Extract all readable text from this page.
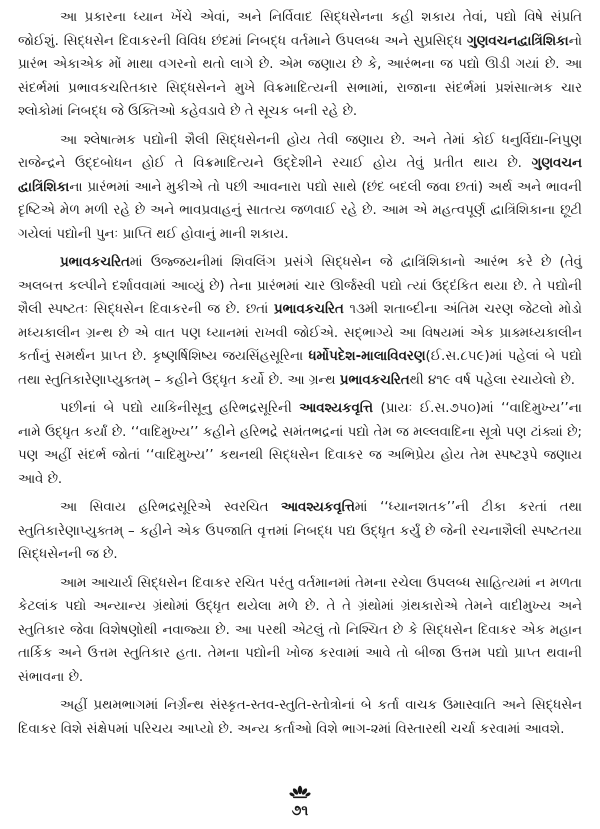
આ પ્રકારના ધ્યાન ખેંચે એવાં, અને નિર્વિવાદ સિદ્ધસેનના કહી શકાય તેવાં, પદ્યો વિષે સંપ્રતિ જોઈશું. સિદ્ધસેન દિવાકરની વિવિધ છંદમાં નિબદ્ધ વર્તમાને ઉપલબ્ધ અને સુપ્રસિદ્ધ ગુણવચનદ્વાત્રિંશિકાનો પ્રારંભ એકાએક મોં માથા વગરનો થતો લાગે છે. એમ જણાય છે કે, આરંભના જ પદ્યો ઊડી ગયાં છે. આ સંદર્ભમાં પ્રભાવકચરિતકાર સિદ્ધસેનને મુખે વિક્રમાદિત્યની સભામાં, રાજાના સંદર્ભમાં પ્રશંસાત્મક ચાર શ્લોકોમાં નિબદ્ધ જે ઉક્તિઓ કહેવડાવે છે તે સૂચક બની રહે છે.

આ શ્લેષાત્મક પદ્યોની શૈલી સિદ્ધસેનની હોય તેવી જણાય છે. અને તેમાં કોઈ ધનુર્વિદ્યા-નિપુણ રાજેન્દ્રને ઉદ્દબોધન હોઈ તે વિક્રમાદિત્યને ઉદ્દેશીને રચાઈ હોય તેવું પ્રતીત થાય છે. ગુણવચન દ્વાત્રિંશિકાના પ્રારંભમાં આને મુકીએ તો પછી આવનારા પદ્યો સાથે (છંદ બદલી જવા છતાં) અર્થ અને ભાવની દૃષ્ટિએ મેળ મળી રહે છે અને ભાવપ્રવાહનું સાતત્ય જળવાઈ રહે છે. આમ એ મહત્વપૂર્ણ દ્વાત્રિંશિકાના છૂટી ગયેલાં પદ્યોની પુનઃ પ્રાપ્તિ થઈ હોવાનું માની શકાય.

પ્રભાવકચરિતમાં ઉજ્જયનીમાં શિવલિંગ પ્રસંગે સિદ્ધસેન જે દ્વાત્રિંશિકાનો આરંભ કરે છે (તેવું અલબત્ત કલ્પીને દર્શાવવામાં આવ્યું છે) તેના પ્રારંભમાં ચાર ઊર્જસ્વી પદ્યો ત્યાં ઉદ્દંકિત થયા છે. તે પદ્યોની શૈલી સ્પષ્ટતઃ સિદ્ધસેન દિવાકરની જ છે. છતાં પ્રભાવકચરિત ૧૩મી શતાબ્દીના અંતિમ ચરણ જેટલો મોડો મધ્યકાલીન ગ્રન્થ છે એ વાત પણ ધ્યાનમાં રાખવી જોઈએ. સદ્ભાગ્યે આ વિષયમાં એક પ્રાક્મધ્યકાલીન કર્તાનું સમર્થન પ્રાપ્ત છે. કૃષ્ણર્ષિશિષ્ય જયસિંહસૂરિના ધર્મોપદેશ-માલાવિવરણ(ઈ.સ.૮૫૯)માં પહેલાં બે પદ્યો તથા સ્તુતિકારેણાપ્યુક્તમ્ – કહીને ઉદ્ધૃત કર્યો છે. આ ગ્રન્થ પ્રભાવકચરિતથી ૪૧૯ વર્ષ પહેલા રચાયેલો છે.

પછીનાં બે પદ્યો યાકિનીસૂનુ હરિભદ્રસૂરિની આવશ્યકવૃત્તિ (પ્રાયઃ ઈ.સ.૭૫૦)માં ‘‘વાદિમુખ્ય’’ના નામે ઉદ્ધૃત કર્યાં છે. ‘‘વાદિમુખ્ય’’ કહીને હરિભદ્રે સમંતભદ્રનાં પદ્યો તેમ જ મલ્લવાદિના સૂત્રો પણ ટાંક્યાં છે; પણ અહીં સંદર્ભ જોતાં ‘‘વાદિમુખ્ય’’ કથનથી સિદ્ધસેન દિવાકર જ અભિપ્રેય હોય તેમ સ્પષ્ટરૂપે જણાય આવે છે.

આ સિવાય હરિભદ્રસૂરિએ સ્વરચિત આવશ્યકવૃત્તિમાં ‘‘ધ્યાનશતક’’ની ટીકા કરતાં તથા સ્તુતિકારેણાપ્યુક્તમ્ – કહીને એક ઉપજાતિ વૃત્તમાં નિબદ્ધ પદ્ય ઉદ્ધૃત કર્યું છે જેની રચનાશૈલી સ્પષ્ટતયા સિદ્ધસેનની જ છે.

આમ આચાર્ય સિદ્ધસેન દિવાકર રચિત પરંતુ વર્તમાનમાં તેમના રચેલા ઉપલબ્ધ સાહિત્યમાં ન મળતા કેટલાંક પદ્યો અન્યાન્ય ગ્રંથોમાં ઉદ્ધૃત થયેલા મળે છે. તે તે ગ્રંથોમાં ગ્રંથકારોએ તેમને વાદીમુખ્ય અને સ્તુતિકાર જેવા વિશેષણોથી નવાજ્યા છે. આ પરથી એટલું તો નિશ્ચિત છે કે સિદ્ધસેન દિવાકર એક મહાન તાર્કિક અને ઉત્તમ સ્તુતિકાર હતા. તેમના પદ્યોની ખોજ કરવામાં આવે તો બીજા ઉત્તમ પદ્યો પ્રાપ્ત થવાની સંભાવના છે.

અહીં પ્રથમભાગમાં નિર્ગ્રન્થ સંસ્કૃત-સ્તવ-સ્તુતિ-સ્તોત્રોનાં બે કર્તા વાચક ઉમાસ્વાતિ અને સિદ્ધસેન દિવાકર વિશે સંક્ષેપમાં પરિચય આપ્યો છે. અન્ય કર્તાઓ વિશે ભાગ-૨માં વિસ્તારથી ચર્ચા કરવામાં આવશે.

૭૧
